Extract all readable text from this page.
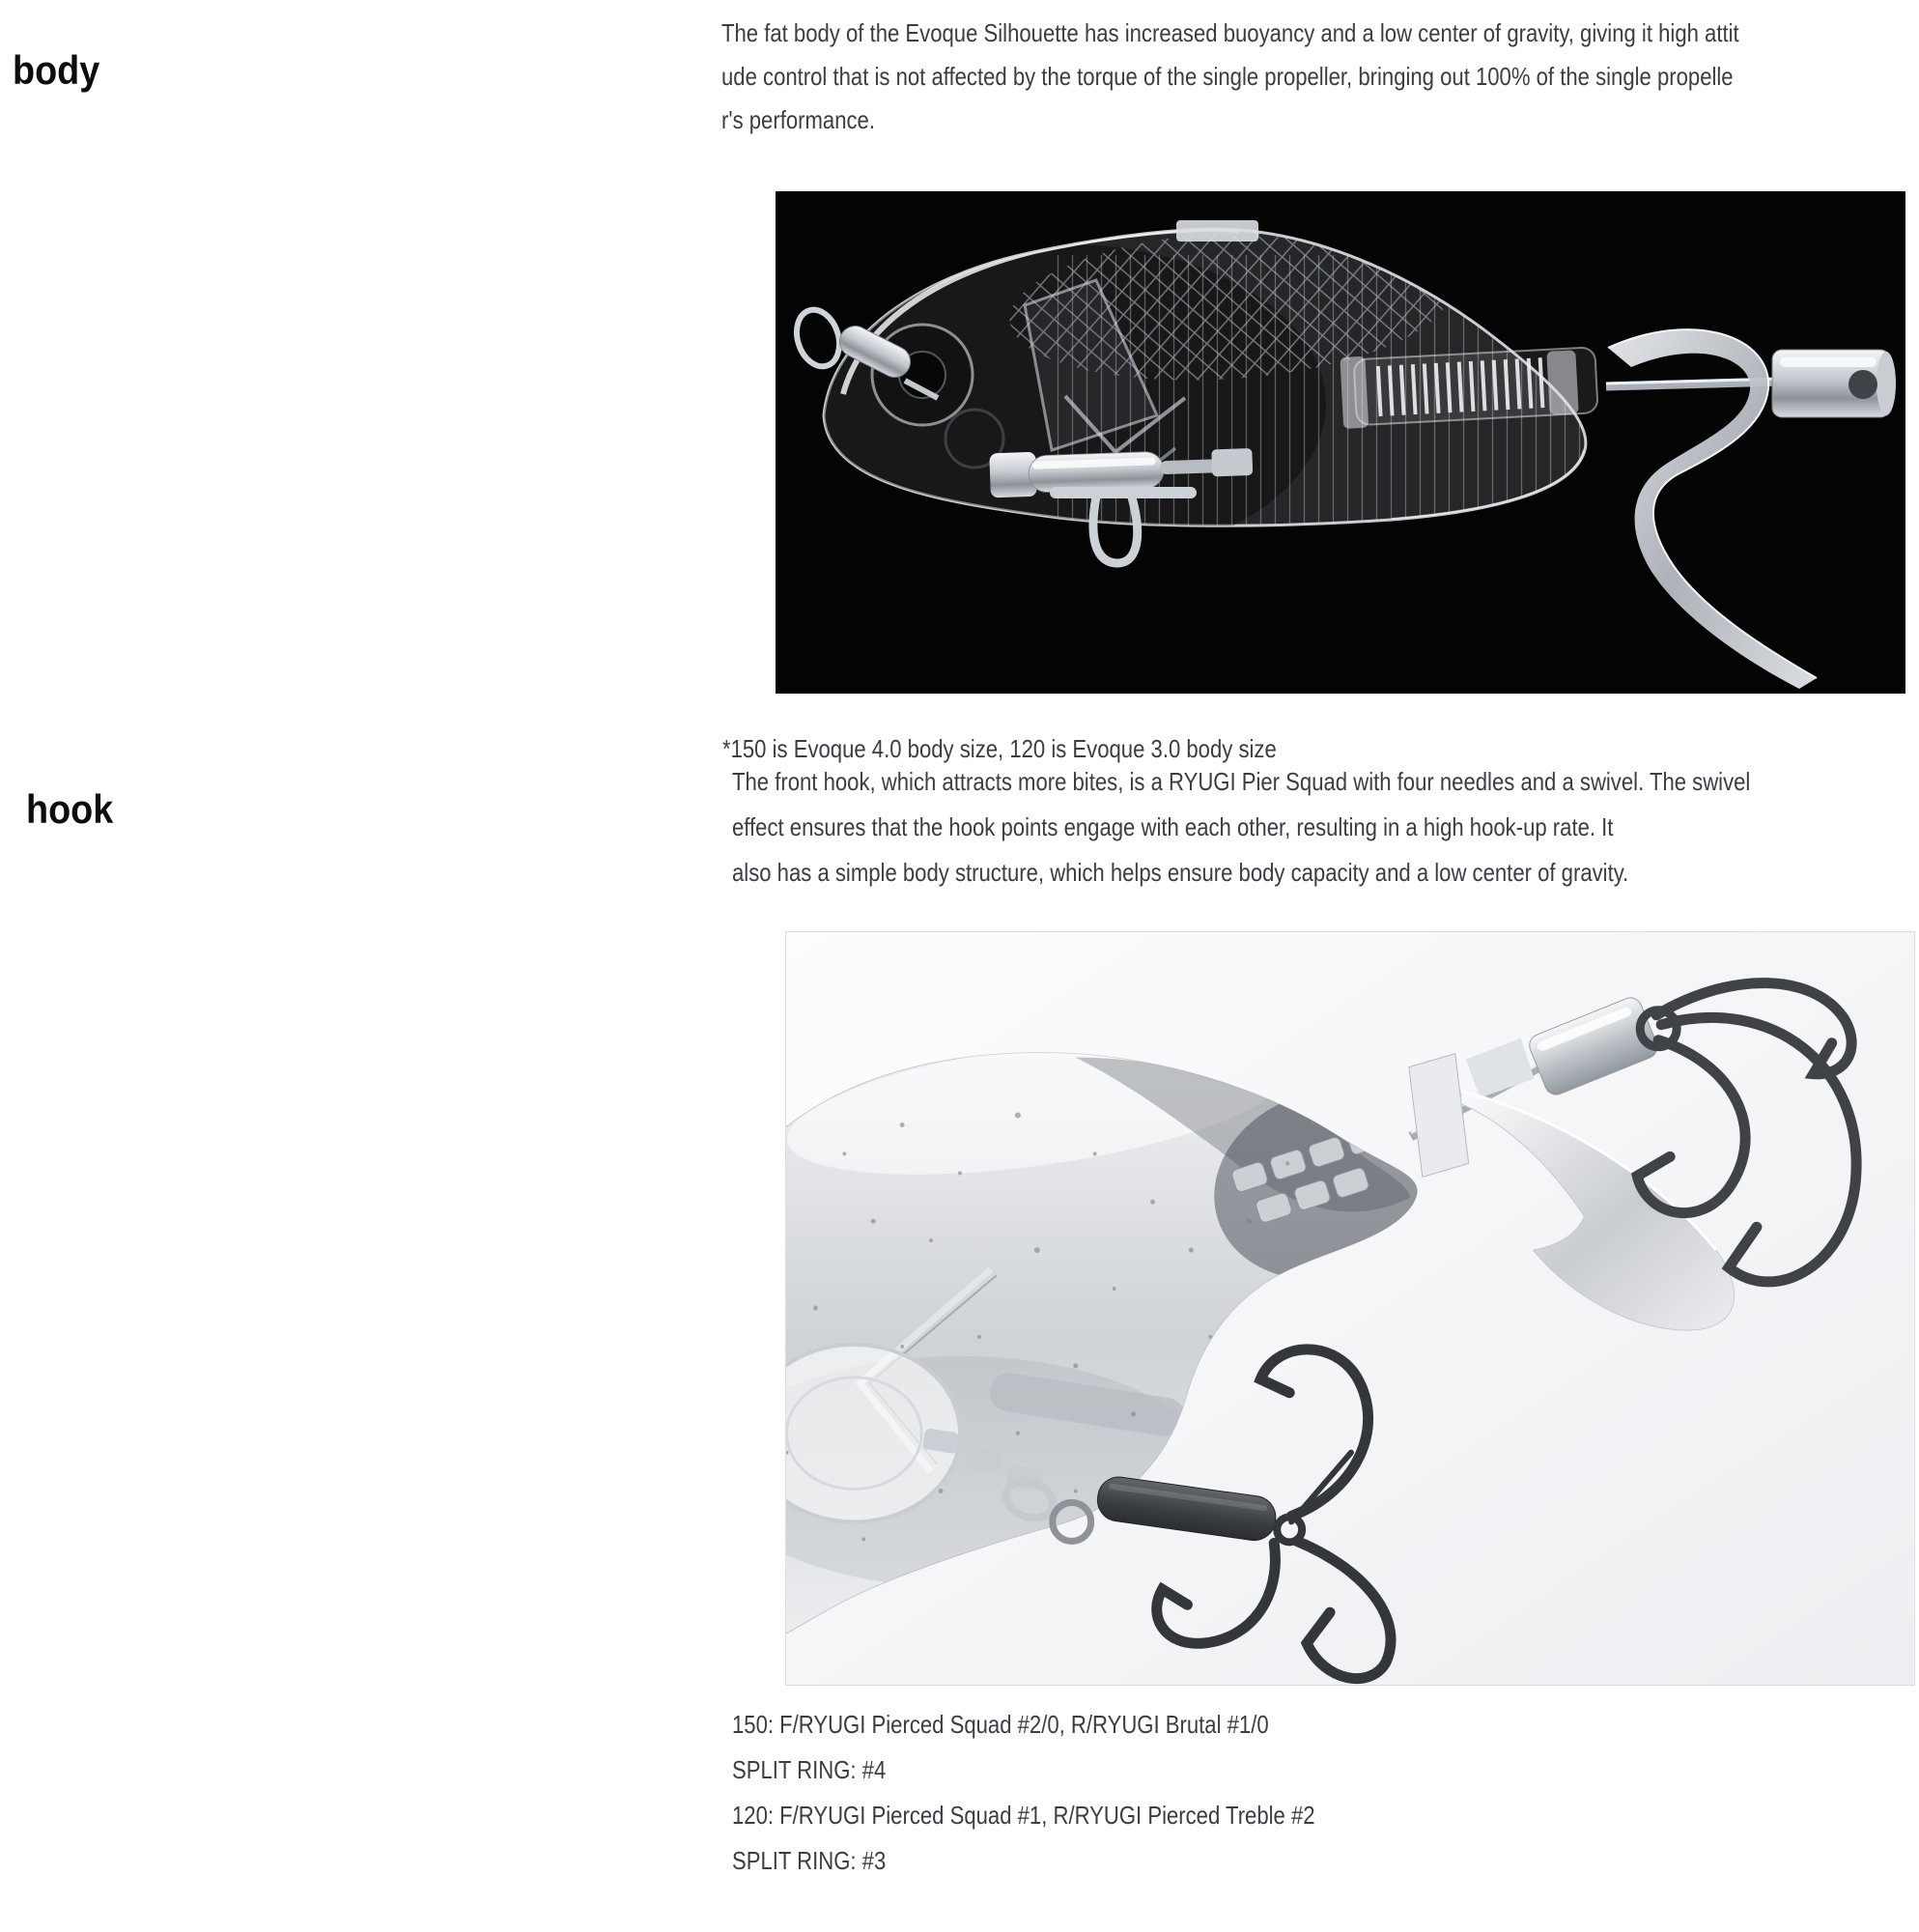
body
The fat body of the Evoque Silhouette has increased buoyancy and a low center of gravity, giving it high attit
ude control that is not affected by the torque of the single propeller, bringing out 100% of the single propelle
r's performance.

*150 is Evoque 4.0 body size, 120 is Evoque 3.0 body size

hook
The front hook, which attracts more bites, is a RYUGI Pier Squad with four needles and a swivel. The swivel
effect ensures that the hook points engage with each other, resulting in a high hook-up rate. It
also has a simple body structure, which helps ensure body capacity and a low center of gravity.
150: F/RYUGI Pierced Squad #2/0, R/RYUGI Brutal #1/0
SPLIT RING: #4
120: F/RYUGI Pierced Squad #1, R/RYUGI Pierced Treble #2
SPLIT RING: #3
